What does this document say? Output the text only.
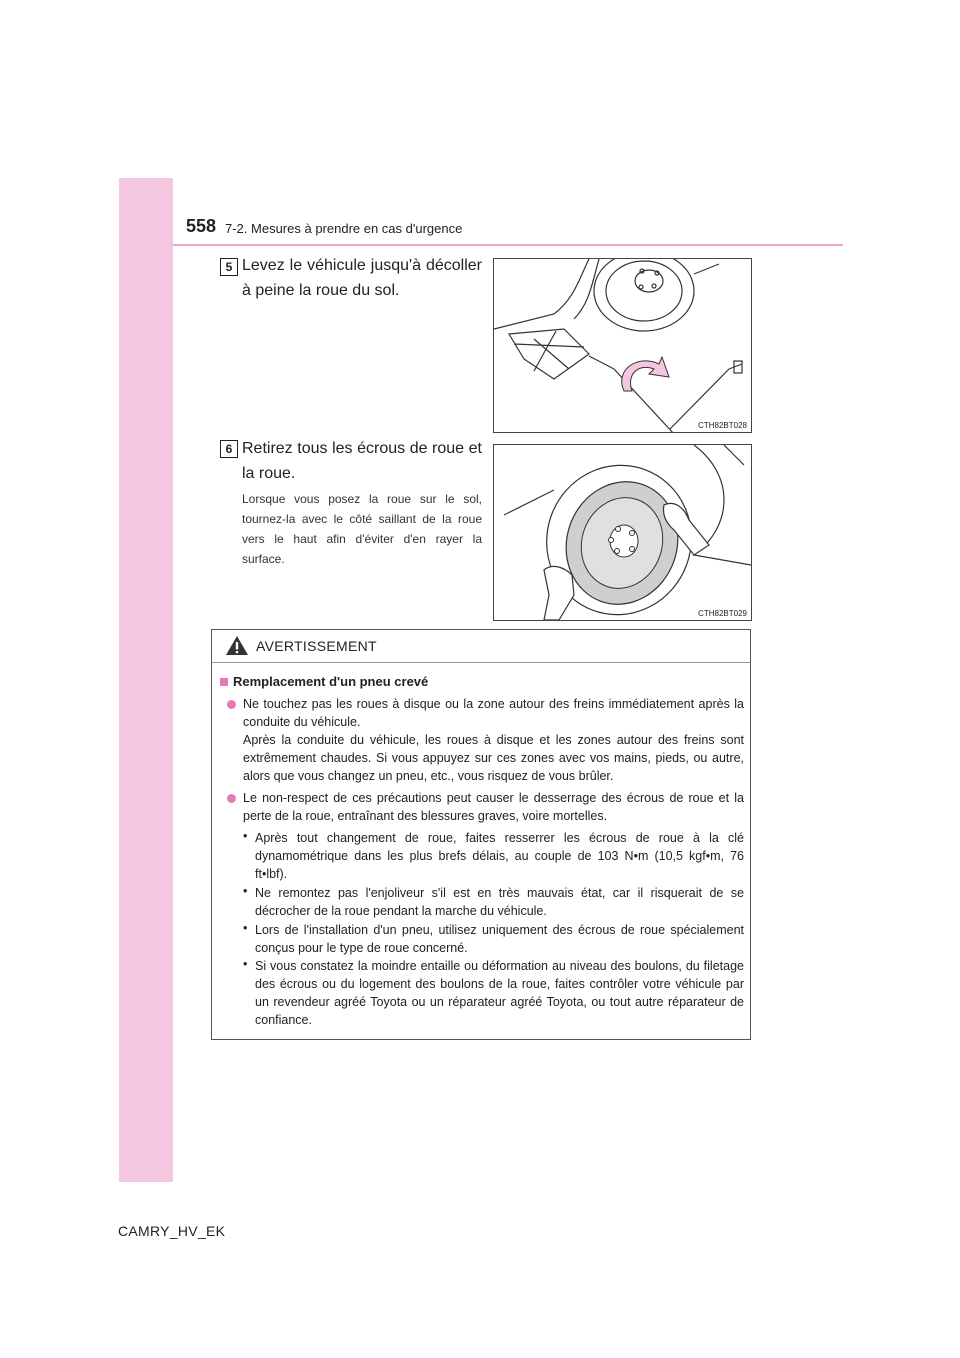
558 7-2. Mesures à prendre en cas d'urgence
5 Levez le véhicule jusqu'à décoller à peine la roue du sol.
CTH82BT028
6 Retirez tous les écrous de roue et la roue.
Lorsque vous posez la roue sur le sol, tournez-la avec le côté saillant de la roue vers le haut afin d'éviter d'en rayer la surface.
CTH82BT029
AVERTISSEMENT
Remplacement d'un pneu crevé
Ne touchez pas les roues à disque ou la zone autour des freins immédiatement après la conduite du véhicule.
Après la conduite du véhicule, les roues à disque et les zones autour des freins sont extrêmement chaudes. Si vous appuyez sur ces zones avec vos mains, pieds, ou autre, alors que vous changez un pneu, etc., vous risquez de vous brûler.
Le non-respect de ces précautions peut causer le desserrage des écrous de roue et la perte de la roue, entraînant des blessures graves, voire mortelles.
• Après tout changement de roue, faites resserrer les écrous de roue à la clé dynamométrique dans les plus brefs délais, au couple de 103 N•m (10,5 kgf•m, 76 ft•lbf).
• Ne remontez pas l'enjoliveur s'il est en très mauvais état, car il risquerait de se décrocher de la roue pendant la marche du véhicule.
• Lors de l'installation d'un pneu, utilisez uniquement des écrous de roue spécialement conçus pour le type de roue concerné.
• Si vous constatez la moindre entaille ou déformation au niveau des boulons, du filetage des écrous ou du logement des boulons de la roue, faites contrôler votre véhicule par un revendeur agréé Toyota ou un réparateur agréé Toyota, ou tout autre réparateur de confiance.
CAMRY_HV_EK
